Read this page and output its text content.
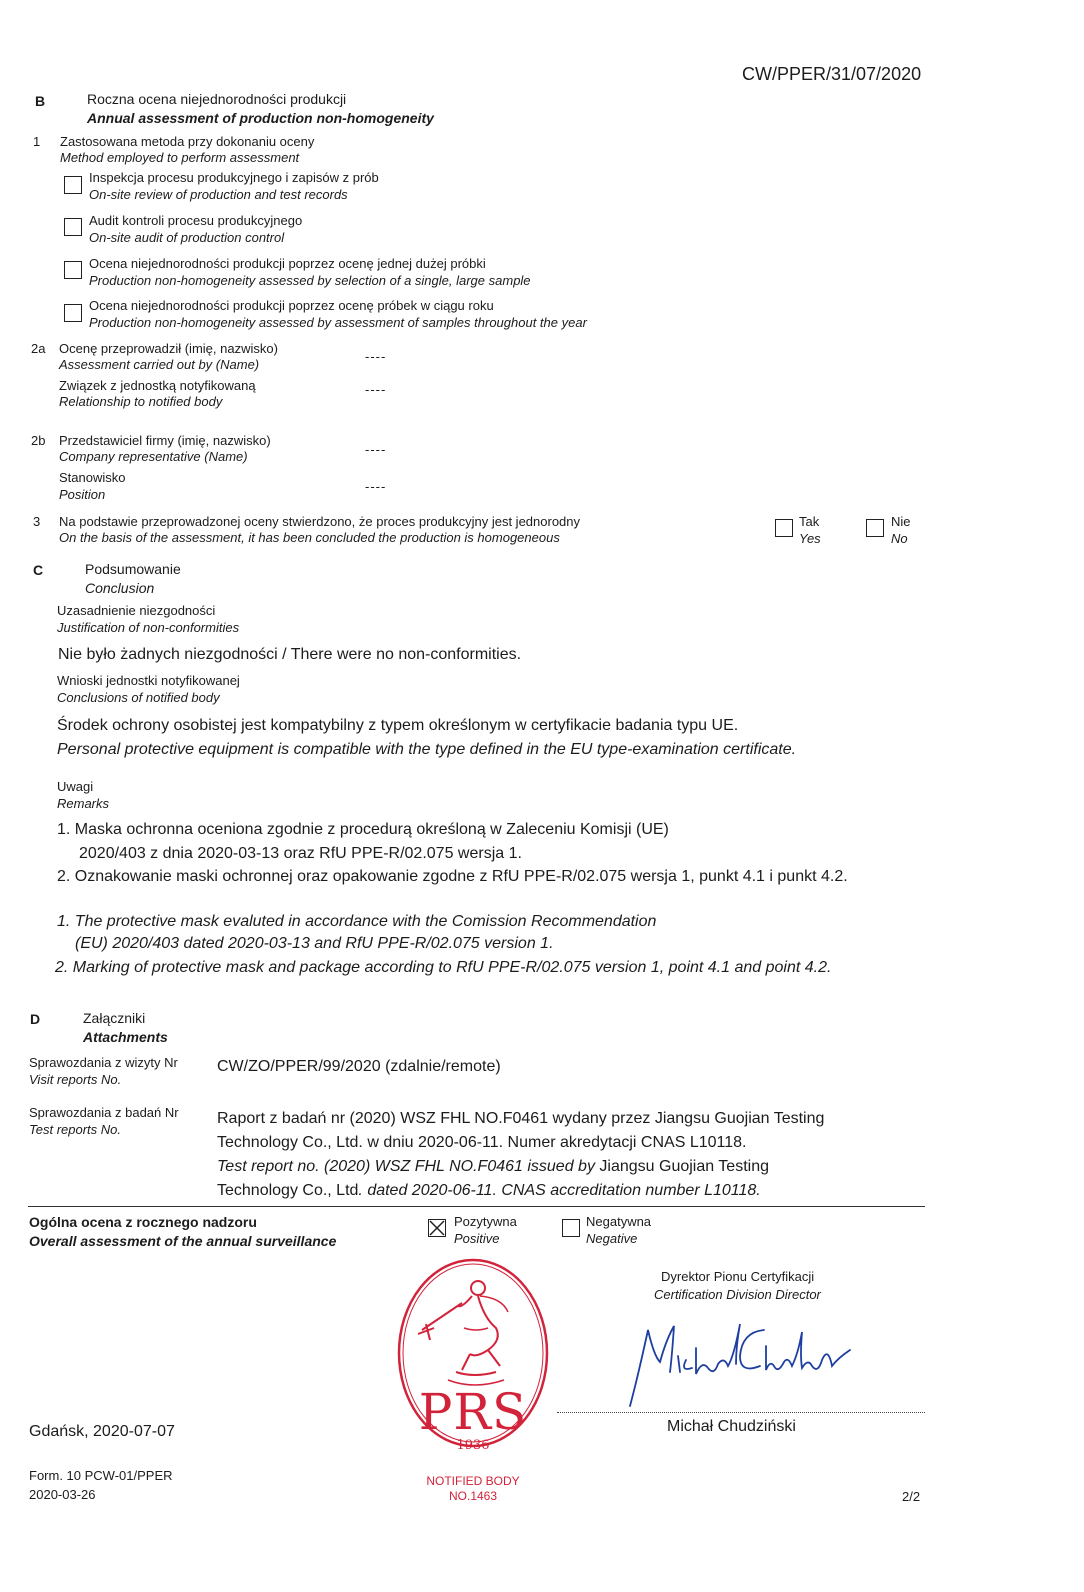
CW/PPER/31/07/2020
B	Roczna ocena niejednorodności produkcji
Annual assessment of production non-homogeneity
1 Zastosowana metoda przy dokonaniu oceny
Method employed to perform assessment
Inspekcja procesu produkcyjnego i zapisów z prób
On-site review of production and test records
Audit kontroli procesu produkcyjnego
On-site audit of production control
Ocena niejednorodności produkcji poprzez ocenę jednej dużej próbki
Production non-homogeneity assessed by selection of a single, large sample
Ocena niejednorodności produkcji poprzez ocenę próbek w ciągu roku
Production non-homogeneity assessed by assessment of samples throughout the year
2a Ocenę przeprowadził (imię, nazwisko)
Assessment carried out by (Name)
----
Związek z jednostką notyfikowaną
Relationship to notified body
----
2b Przedstawiciel firmy (imię, nazwisko)
Company representative (Name)	----
Stanowisko
Position
----
3 Na podstawie przeprowadzonej oceny stwierdzono, że proces produkcyjny jest jednorodny
On the basis of the assessment, it has been concluded the production is homogeneous
Tak
Yes
Nie
No
C	Podsumowanie
Conclusion
Uzasadnienie niezgodności
Justification of non-conformities
Nie było żadnych niezgodności / There were no non-conformities.
Wnioski jednostki notyfikowanej
Conclusions of notified body
Środek ochrony osobistej jest kompatybilny z typem określonym w certyfikacie badania typu UE.
Personal protective equipment is compatible with the type defined in the EU type-examination certificate.
Uwagi
Remarks
1. Maska ochronna oceniona zgodnie z procedurą określoną w Zaleceniu Komisji (UE)
2020/403 z dnia 2020-03-13 oraz RfU PPE-R/02.075 wersja 1.
2. Oznakowanie maski ochronnej oraz opakowanie zgodne z RfU PPE-R/02.075 wersja 1, punkt 4.1 i punkt 4.2.
1. The protective mask evaluted in accordance with the Comission Recommendation
(EU) 2020/403 dated 2020-03-13 and RfU PPE-R/02.075 version 1.
2. Marking of protective mask and package according to RfU PPE-R/02.075 version 1, point 4.1 and point 4.2.
D	Załączniki
Attachments
Sprawozdania z wizyty Nr
Visit reports No.
CW/ZO/PPER/99/2020 (zdalnie/remote)
Sprawozdania z badań Nr
Test reports No.
Raport z badań nr (2020) WSZ FHL NO.F0461 wydany przez Jiangsu Guojian Testing
Technology Co., Ltd. w dniu 2020-06-11. Numer akredytacji CNAS L10118.
Test report no. (2020) WSZ FHL NO.F0461 issued by Jiangsu Guojian Testing
Technology Co., Ltd. dated 2020-06-11. CNAS accreditation number L10118.
Ogólna ocena z rocznego nadzoru
Overall assessment of the annual surveillance
Pozytywna
Positive
Negatywna
Negative
PRS
1936
NOTIFIED BODY
NO.1463
Dyrektor Pionu Certyfikacji
Certification Division Director
Michał Chudziński
Gdańsk, 2020-07-07
Form. 10 PCW-01/PPER
2020-03-26	2/2
